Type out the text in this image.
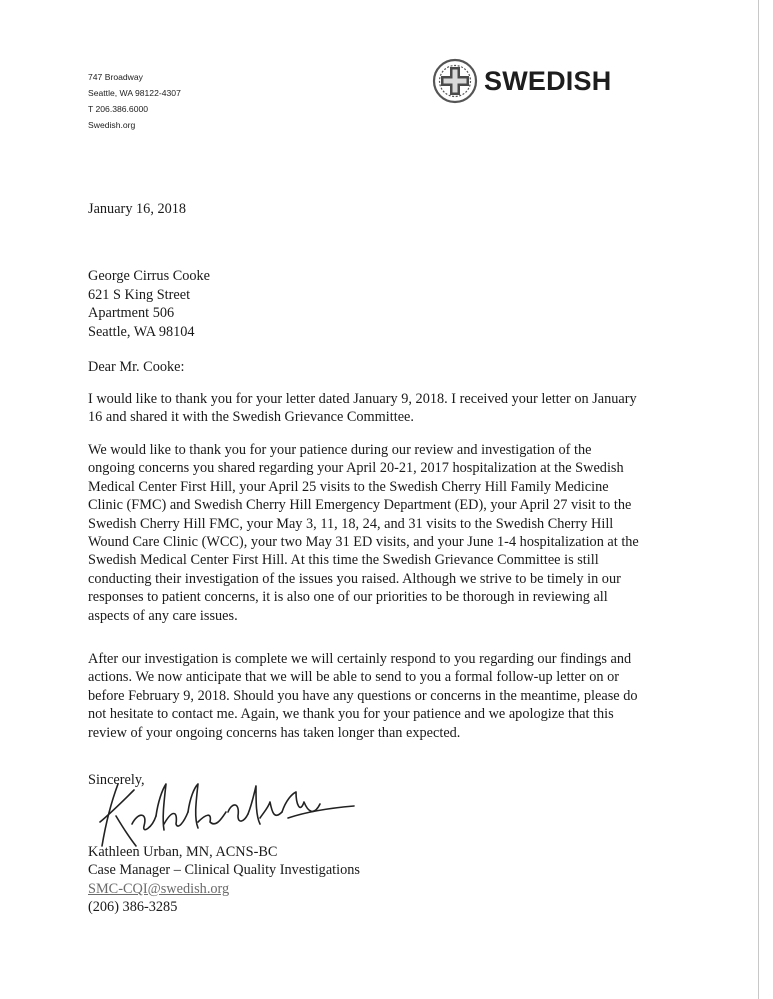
747 Broadway
Seattle, WA 98122-4307
T 206.386.6000
Swedish.org
SWEDISH

January 16, 2018

George Cirrus Cooke
621 S King Street
Apartment 506
Seattle, WA 98104

Dear Mr. Cooke:

I would like to thank you for your letter dated January 9, 2018. I received your letter on January 16 and shared it with the Swedish Grievance Committee.

We would like to thank you for your patience during our review and investigation of the ongoing concerns you shared regarding your April 20-21, 2017 hospitalization at the Swedish Medical Center First Hill, your April 25 visits to the Swedish Cherry Hill Family Medicine Clinic (FMC) and Swedish Cherry Hill Emergency Department (ED), your April 27 visit to the Swedish Cherry Hill FMC, your May 3, 11, 18, 24, and 31 visits to the Swedish Cherry Hill Wound Care Clinic (WCC), your two May 31 ED visits, and your June 1-4 hospitalization at the Swedish Medical Center First Hill. At this time the Swedish Grievance Committee is still conducting their investigation of the issues you raised. Although we strive to be timely in our responses to patient concerns, it is also one of our priorities to be thorough in reviewing all aspects of any care issues.

After our investigation is complete we will certainly respond to you regarding our findings and actions. We now anticipate that we will be able to send to you a formal follow-up letter on or before February 9, 2018. Should you have any questions or concerns in the meantime, please do not hesitate to contact me. Again, we thank you for your patience and we apologize that this review of your ongoing concerns has taken longer than expected.

Sincerely,

Kathleen Urban, MN, ACNS-BC
Case Manager – Clinical Quality Investigations
SMC-CQI@swedish.org
(206) 386-3285
